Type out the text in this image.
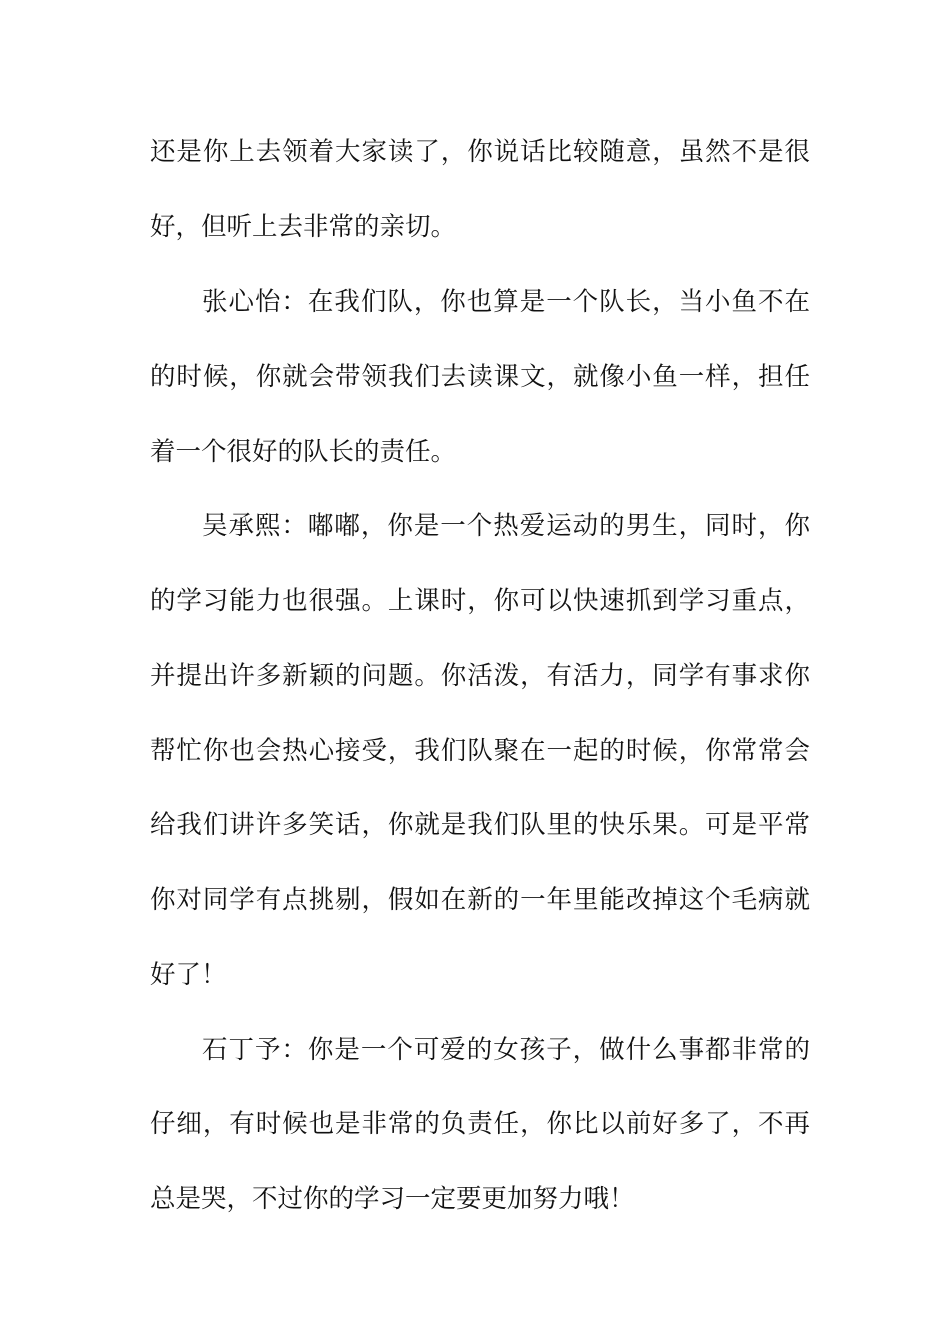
还是你上去领着大家读了，你说话比较随意，虽然不是很
好，但听上去非常的亲切。
张心怡：在我们队，你也算是一个队长，当小鱼不在
的时候，你就会带领我们去读课文，就像小鱼一样，担任
着一个很好的队长的责任。
吴承熙：嘟嘟，你是一个热爱运动的男生，同时，你
的学习能力也很强。上课时，你可以快速抓到学习重点，
并提出许多新颖的问题。你活泼，有活力，同学有事求你
帮忙你也会热心接受，我们队聚在一起的时候，你常常会
给我们讲许多笑话，你就是我们队里的快乐果。可是平常
你对同学有点挑剔，假如在新的一年里能改掉这个毛病就
好了！
石丁予：你是一个可爱的女孩子，做什么事都非常的
仔细，有时候也是非常的负责任，你比以前好多了，不再
总是哭，不过你的学习一定要更加努力哦！
